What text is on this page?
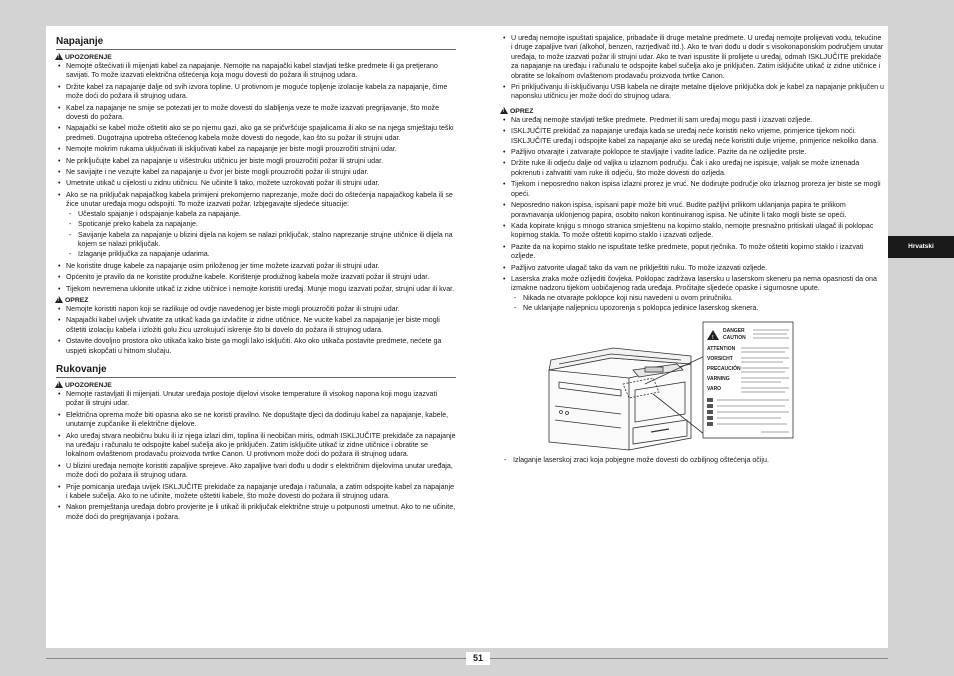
Napajanje
!
UPOZORENJE
• Nemojte oštećivati ili mijenjati kabel za napajanje. Nemojte na napajački kabel stavljati teške predmete ili ga pretjerano savijati. To može izazvati električna oštećenja koja mogu dovesti do požara ili strujnog udara.
• Držite kabel za napajanje dalje od svih izvora topline. U protivnom je moguće topljenje izolacije kabela za napajanje, čime može doći do požara ili strujnog udara.
• Kabel za napajanje ne smije se potezati jer to može dovesti do slabljenja veze te može izazvati pregrijavanje, što može dovesti do požara.
• Napajački se kabel može oštetiti ako se po njemu gazi, ako ga se pričvršćuje spajalicama ili ako se na njega smještaju teški predmeti. Dugotrajna upotreba oštećenog kabela može dovesti do negode, kao što su požar ili strujni udar.
• Nemojte mokrim rukama uključivati ili isključivati kabel za napajanje jer biste mogli prouzročiti strujni udar.
• Ne priključujte kabel za napajanje u višestruku utičnicu jer biste mogli prouzročiti požar ili strujni udar.
• Ne savijajte i ne vezujte kabel za napajanje u čvor jer biste mogli prouzročiti požar ili strujni udar.
• Umetnite utikač u cijelosti u zidnu utičnicu. Ne učinite li tako, možete uzrokovati požar ili strujni udar.
• Ako se na priključak napajačkog kabela primijeni prekomjerno naprezanje, može doći do oštećenja napajačkog kabela ili se žice unutar uređaja mogu odspojiti. To može izazvati požar. Izbjegavajte sljedeće situacije:
- Učestalo spajanje i odspajanje kabela za napajanje.
- Spoticanje preko kabela za napajanje.
- Savijanje kabela za napajanje u blizini dijela na kojem se nalazi priključak, stalno naprezanje strujne utičnice ili dijela na kojem se nalazi priključak.
- Izlaganje priključka za napajanje udarima.
• Ne koristite druge kabele za napajanje osim priloženog jer time možete izazvati požar ili strujni udar.
• Općenito je pravilo da ne koristite produžne kabele. Korištenje produžnog kabela može izazvati požar ili strujni udar.
• Tijekom nevremena uklonite utikač iz zidne utičnice i nemojte koristiti uređaj. Munje mogu izazvati požar, strujni udar ili kvar.
!
OPREZ
• Nemojte koristiti napon koji se razlikuje od ovdje navedenog jer biste mogli prouzročiti požar ili strujni udar.
• Napajački kabel uvijek uhvatite za utikač kada ga izvlačite iz zidne utičnice. Ne vucite kabel za napajanje jer biste mogli oštetiti izolaciju kabela i izložiti golu žicu uzrokujući iskrenje što bi dovelo do požara ili strujnog udara.
• Ostavite dovoljno prostora oko utikača kako biste ga mogli lako isključiti. Ako oko utikača postavite predmete, nećete ga uspjeti iskopčati u hitnom slučaju.
Rukovanje
!
UPOZORENJE
• Nemojte rastavljati ili mijenjati. Unutar uređaja postoje dijelovi visoke temperature ili visokog napona koji mogu izazvati požar ili strujni udar.
• Električna oprema može biti opasna ako se ne koristi pravilno. Ne dopuštajte djeci da dodiruju kabel za napajanje, kabele, unutarnje zupčanike ili električne dijelove.
• Ako uređaj stvara neobičnu buku ili iz njega izlazi dim, toplina ili neobičan miris, odmah ISKLJUČITE prekidače za napajanje na uređaju i računalu te odspojite kabel sučelja ako je priključen. Zatim isključite utikač iz zidne utičnice i obratite se lokalnom ovlaštenom prodavaču proizvoda tvrtke Canon. U protivnom može doći do požara ili strujnog udara.
• U blizini uređaja nemojte koristiti zapaljive spreјeve. Ako zapaljive tvari dođu u dodir s električnim dijelovima unutar uređaja, može doći do požara ili strujnog udara.
• Prije pomicanja uređaja uvijek ISKLJUČITE prekidače za napajanje uređaja i računala, a zatim odspojite kabel za napajanje i kabele sučelja. Ako to ne učinite, možete oštetiti kabele, što može dovesti do požara ili strujnog udara.
• Nakon premještanja uređaja dobro provjerite je li utikač ili priključak električne struje u potpunosti umetnut. Ako to ne učinite, može doći do pregrijavanja i požara.
• U uređaj nemojte ispuštati spajalice, pribadače ili druge metalne predmete. U uređaj nemojte prolijevati vodu, tekućine i druge zapaljive tvari (alkohol, benzen, razrjeđivač itd.). Ako te tvari dođu u dodir s visokonaponskim područjem unutar uređaja, to može izazvati požar ili strujni udar. Ako te tvari ispustite ili prolijete u uređaj, odmah ISKLJUČITE prekidače za napajanje na uređaju i računalu te odspojite kabel sučelja ako je priključen. Zatim isključite utikač iz zidne utičnice i obratite se lokalnom ovlaštenom prodavaču proizvoda tvrtke Canon.
• Pri priključivanju ili isključivanju USB kabela ne dirajte metalne dijelove priključka dok je kabel za napajanje priključen u naponsku utičnicu jer može doći do strujnog udara.
!
OPREZ
• Na uređaj nemojte stavljati teške predmete. Predmet ili sam uređaj mogu pasti i izazvati ozljede.
• ISKLJUČITE prekidač za napajanje uređaja kada se uređaj neće koristiti neko vrijeme, primjerice tijekom noći. ISKLJUČITE uređaj i odspojite kabel za napajanje ako se uređaj neće koristiti dulje vrijeme, primjerice nekoliko dana.
• Pažljivo otvarajte i zatvarajte poklopce te stavljajte i vadite ladice. Pazite da ne ozlijedite prste.
• Držite ruke ili odjeću dalje od valjka u izlaznom području. Čak i ako uređaj ne ispisuje, valjak se može iznenada pokrenuti i zahvatiti vam ruke ili odjeću, što može dovesti do ozljeda.
• Tijekom i neposredno nakon ispisa izlazni prorez je vruć. Ne dodirujte područje oko izlaznog proreza jer biste se mogli opeći.
• Neposredno nakon ispisa, ispisani papir može biti vruć. Budite pažljivi prilikom uklanjanja papira te prilikom poravnavanja uklonjenog papira, osobito nakon kontinuiranog ispisa. Ne učinite li tako mogli biste se opeći.
• Kada kopirate knjigu s mnogo stranica smještenu na kopirno staklo, nemojte presnažno pritiskati ulagač ili poklopac kopirnog stakla. To može oštetiti kopirno staklo i izazvati ozljede.
• Pazite da na kopirno staklo ne ispuštate teške predmete, poput rječnika. To može oštetiti kopirno staklo i izazvati ozljede.
• Pažljivo zatvorite ulagač tako da vam ne priklještiti ruku. To može izazvati ozljede.
• Laserska zraka može ozlijediti čovjeka. Poklopac zadržava lasersku u laserskom skeneru pa nema opasnosti da ona izmakne nadzoru tijekom uobičajenog rada uređaja. Pročitajte sljedeće opaske i sigurnosne upute.
- Nikada ne otvarajte poklopce koji nisu navedeni u ovom priručniku.
- Ne uklanjajte naljepnicu upozorenja s poklopca jedinice laserskog skenera.
!
DANGER
CAUTION
ATTENTION
VORSICHT
PRECAUCIÓN
VARNING
VARO
- Izlaganje laserskoj zraci koja pobjegne može dovesti do ozbiljnog oštećenja očiju.
Hrvatski
51
